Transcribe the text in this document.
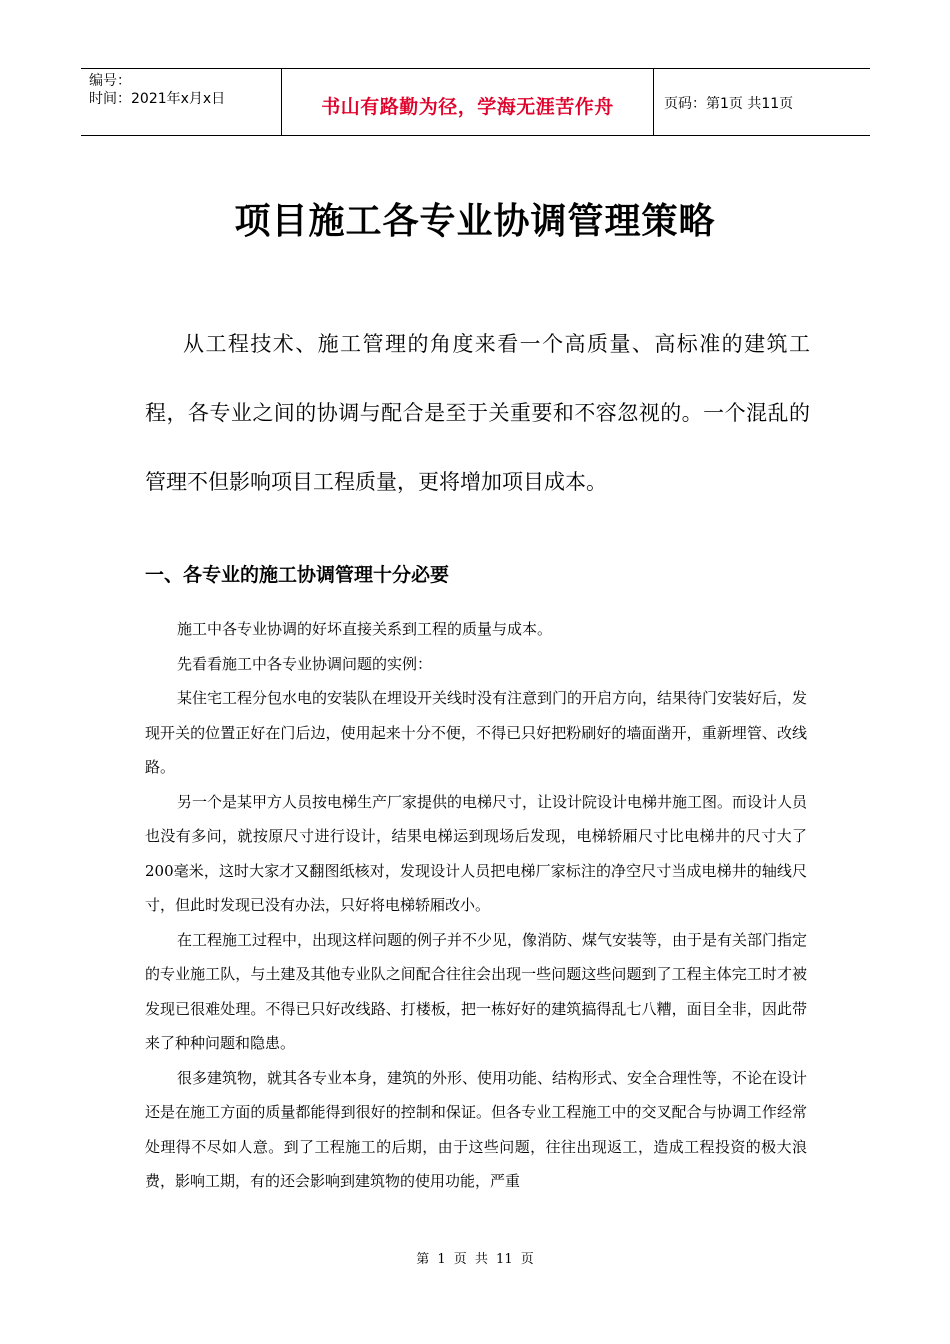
编号：
时间：2021年x月x日	书山有路勤为径，学海无涯苦作舟	页码：第1页 共11页
项目施工各专业协调管理策略

从工程技术、施工管理的角度来看一个高质量、高标准的建筑工程，各专业之间的协调与配合是至于关重要和不容忽视的。一个混乱的管理不但影响项目工程质量，更将增加项目成本。

一、各专业的施工协调管理十分必要

施工中各专业协调的好坏直接关系到工程的质量与成本。

先看看施工中各专业协调问题的实例：

某住宅工程分包水电的安装队在埋设开关线时没有注意到门的开启方向，结果待门安装好后，发现开关的位置正好在门后边，使用起来十分不便，不得已只好把粉刷好的墙面凿开，重新埋管、改线路。

另一个是某甲方人员按电梯生产厂家提供的电梯尺寸，让设计院设计电梯井施工图。而设计人员也没有多问，就按原尺寸进行设计，结果电梯运到现场后发现，电梯轿厢尺寸比电梯井的尺寸大了200毫米，这时大家才又翻图纸核对，发现设计人员把电梯厂家标注的净空尺寸当成电梯井的轴线尺寸，但此时发现已没有办法，只好将电梯轿厢改小。

在工程施工过程中，出现这样问题的例子并不少见，像消防、煤气安装等，由于是有关部门指定的专业施工队，与土建及其他专业队之间配合往往会出现一些问题这些问题到了工程主体完工时才被发现已很难处理。不得已只好改线路、打楼板，把一栋好好的建筑搞得乱七八糟，面目全非，因此带来了种种问题和隐患。

很多建筑物，就其各专业本身，建筑的外形、使用功能、结构形式、安全合理性等，不论在设计还是在施工方面的质量都能得到很好的控制和保证。但各专业工程施工中的交叉配合与协调工作经常处理得不尽如人意。到了工程施工的后期，由于这些问题，往往出现返工，造成工程投资的极大浪费，影响工期，有的还会影响到建筑物的使用功能，严重

第 1 页 共 11 页
